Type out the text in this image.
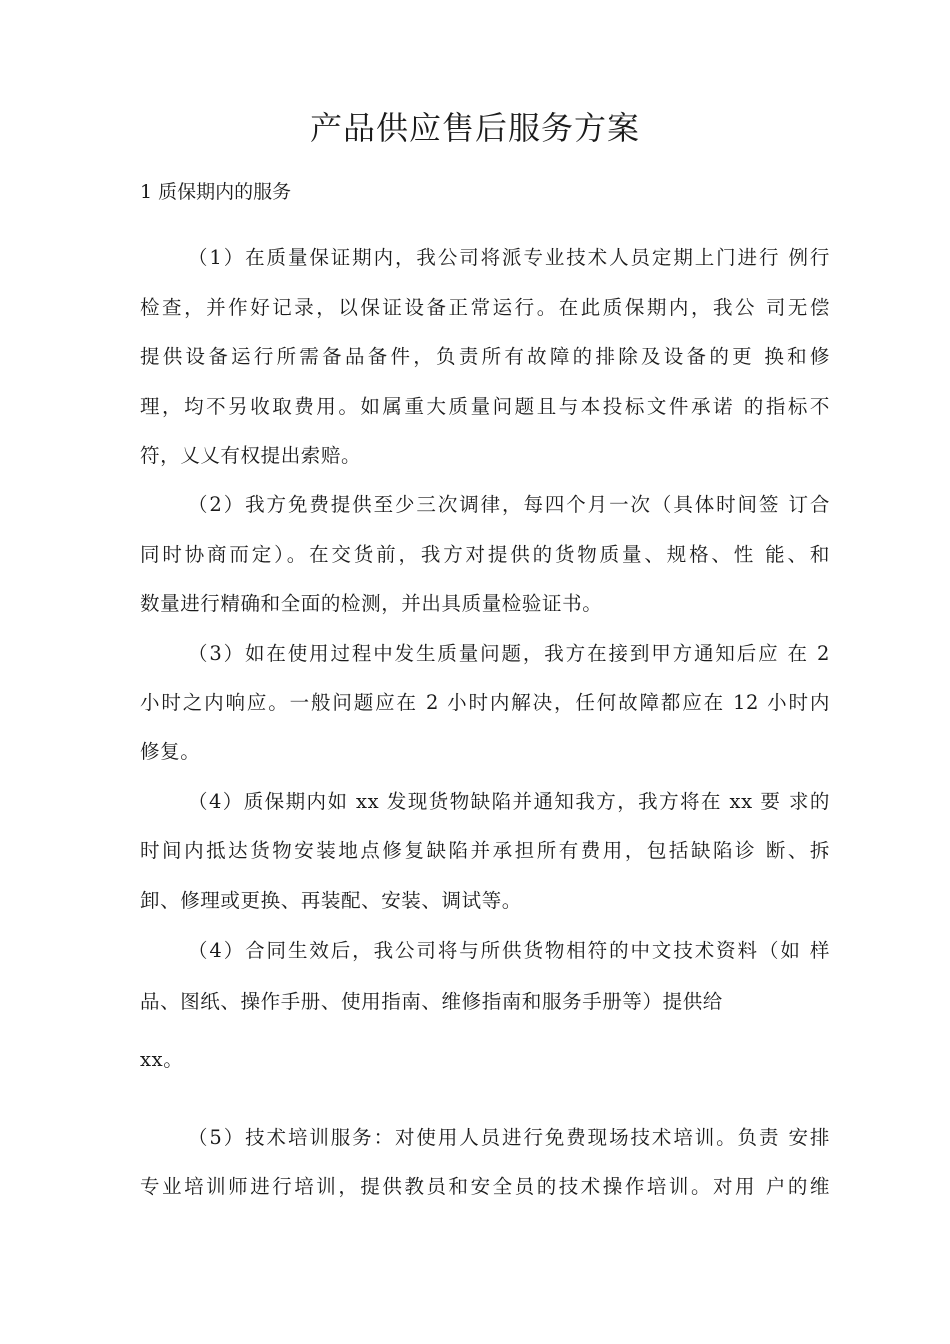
产品供应售后服务方案

1 质保期内的服务

（1）在质量保证期内，我公司将派专业技术人员定期上门进行 例行

检查，并作好记录，以保证设备正常运行。在此质保期内，我公 司无偿

提供设备运行所需备品备件，负责所有故障的排除及设备的更 换和修

理，均不另收取费用。如属重大质量问题且与本投标文件承诺 的指标不

符，乂乂有权提出索赔。

（2）我方免费提供至少三次调律，每四个月一次（具体时间签 订合

同时协商而定）。在交货前，我方对提供的货物质量、规格、性 能、和

数量进行精确和全面的检测，并出具质量检验证书。

（3）如在使用过程中发生质量问题，我方在接到甲方通知后应 在 2

小时之内响应。一般问题应在 2 小时内解决，任何故障都应在 12 小时内

修复。

（4）质保期内如 xx 发现货物缺陷并通知我方，我方将在 xx 要 求的

时间内抵达货物安装地点修复缺陷并承担所有费用，包括缺陷诊 断、拆

卸、修理或更换、再装配、安装、调试等。

（4）合同生效后，我公司将与所供货物相符的中文技术资料（如 样

品、图纸、操作手册、使用指南、维修指南和服务手册等）提供给

xx。

（5）技术培训服务：对使用人员进行免费现场技术培训。负责 安排

专业培训师进行培训，提供教员和安全员的技术操作培训。对用 户的维
